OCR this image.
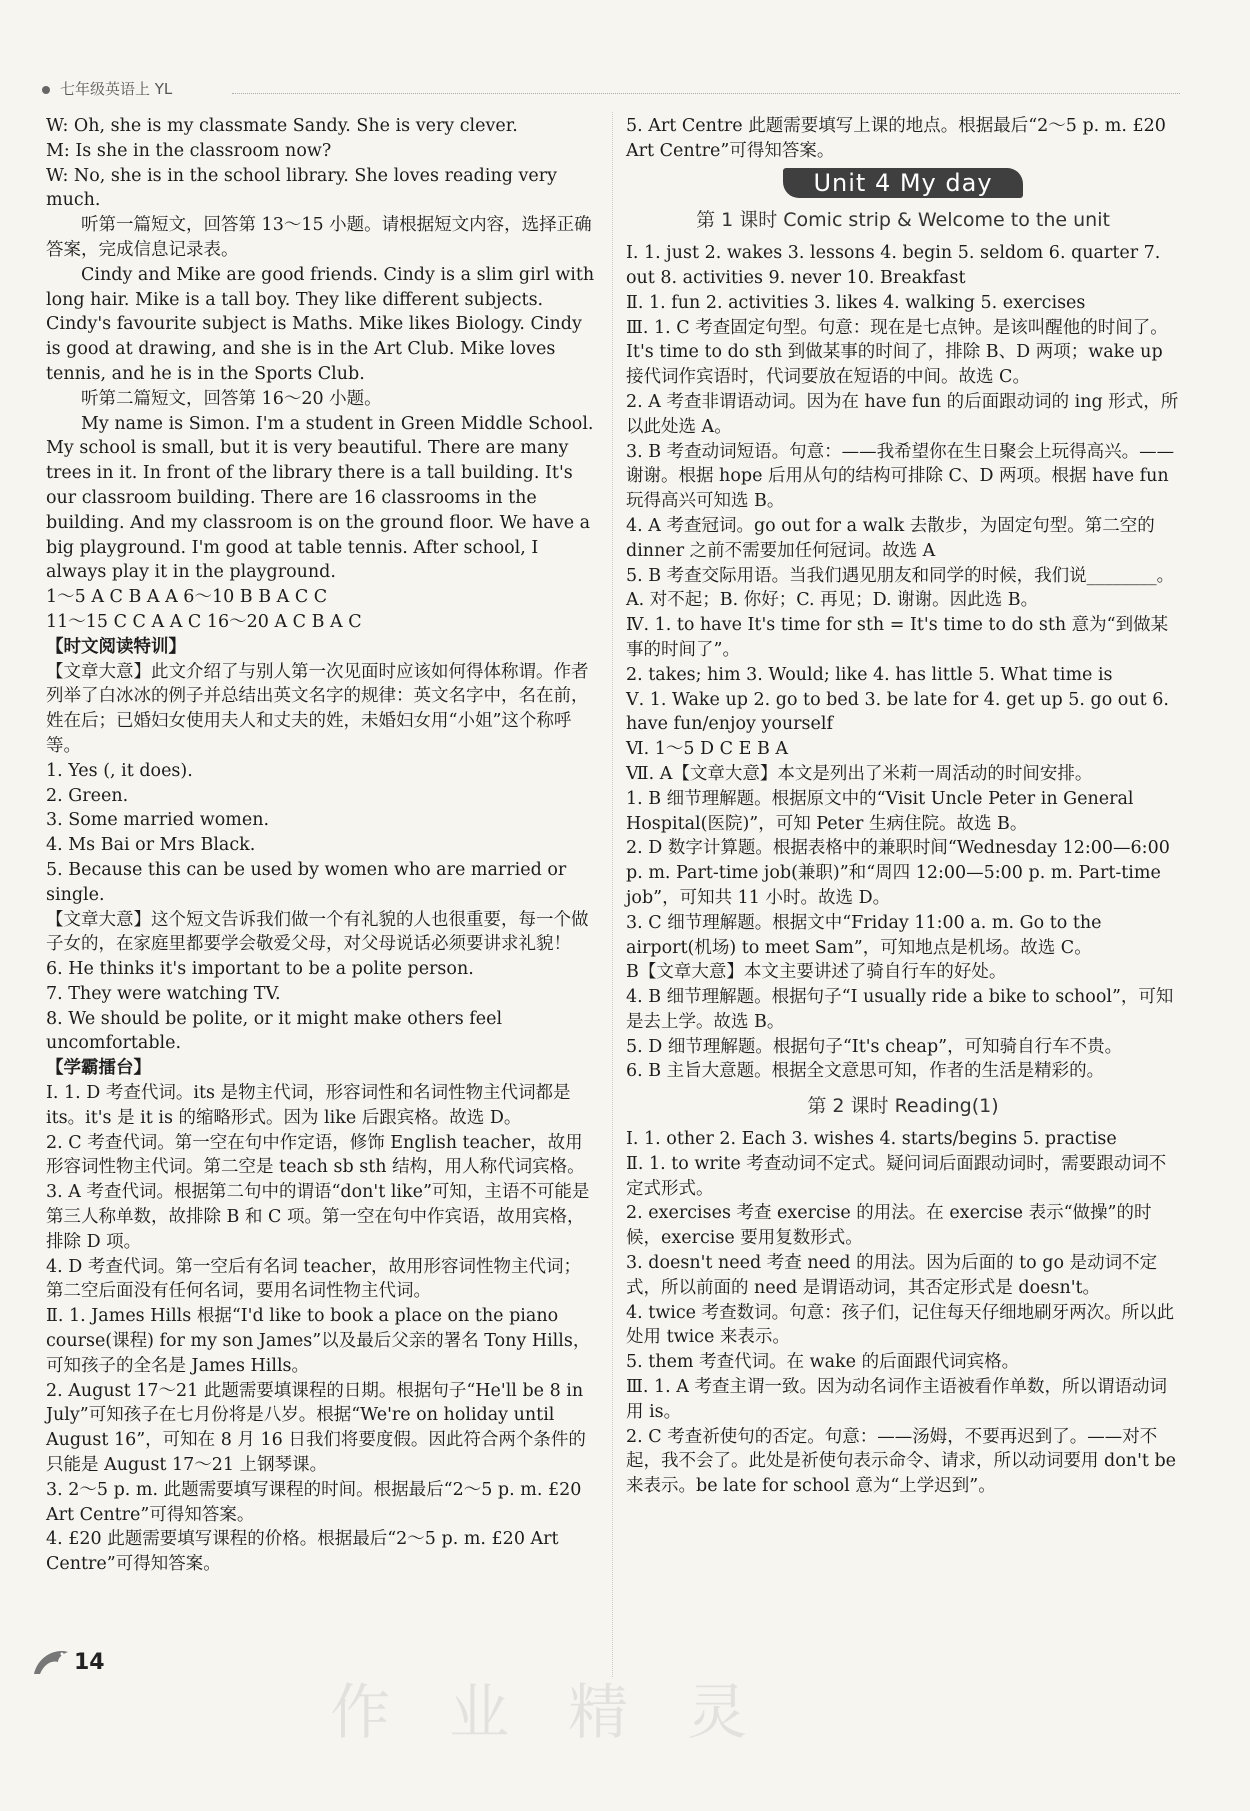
七年级英语上 YL

W: Oh, she is my classmate Sandy. She is very clever.

M: Is she in the classroom now?

W: No, she is in the school library. She loves reading very much.

听第一篇短文，回答第 13～15 小题。请根据短文内容，选择正确答案，完成信息记录表。

Cindy and Mike are good friends. Cindy is a slim girl with long hair. Mike is a tall boy. They like different subjects. Cindy's favourite subject is Maths. Mike likes Biology. Cindy is good at drawing, and she is in the Art Club. Mike loves tennis, and he is in the Sports Club.

听第二篇短文，回答第 16～20 小题。

My name is Simon. I'm a student in Green Middle School. My school is small, but it is very beautiful. There are many trees in it. In front of the library there is a tall building. It's our classroom building. There are 16 classrooms in the building. And my classroom is on the ground floor. We have a big playground. I'm good at table tennis. After school, I always play it in the playground.

1～5 A C B A A 6～10 B B A C C

11～15 C C A A C 16～20 A C B A C

【时文阅读特训】

【文章大意】此文介绍了与别人第一次见面时应该如何得体称谓。作者列举了白冰冰的例子并总结出英文名字的规律：英文名字中，名在前，姓在后；已婚妇女使用夫人和丈夫的姓，未婚妇女用“小姐”这个称呼等。

1. Yes (, it does).

2. Green.

3. Some married women.

4. Ms Bai or Mrs Black.

5. Because this can be used by women who are married or single.

【文章大意】这个短文告诉我们做一个有礼貌的人也很重要，每一个做子女的，在家庭里都要学会敬爱父母，对父母说话必须要讲求礼貌！

6. He thinks it's important to be a polite person.

7. They were watching TV.

8. We should be polite, or it might make others feel uncomfortable.

【学霸擂台】

Ⅰ. 1. D 考查代词。its 是物主代词，形容词性和名词性物主代词都是 its。it's 是 it is 的缩略形式。因为 like 后跟宾格。故选 D。

2. C 考查代词。第一空在句中作定语，修饰 English teacher，故用形容词性物主代词。第二空是 teach sb sth 结构，用人称代词宾格。

3. A 考查代词。根据第二句中的谓语“don't like”可知，主语不可能是第三人称单数，故排除 B 和 C 项。第一空在句中作宾语，故用宾格，排除 D 项。

4. D 考查代词。第一空后有名词 teacher，故用形容词性物主代词；第二空后面没有任何名词，要用名词性物主代词。

Ⅱ. 1. James Hills 根据“I'd like to book a place on the piano course(课程) for my son James”以及最后父亲的署名 Tony Hills，可知孩子的全名是 James Hills。

2. August 17～21 此题需要填课程的日期。根据句子“He'll be 8 in July”可知孩子在七月份将是八岁。根据“We're on holiday until August 16”，可知在 8 月 16 日我们将要度假。因此符合两个条件的只能是 August 17～21 上钢琴课。

3. 2～5 p. m. 此题需要填写课程的时间。根据最后“2～5 p. m. £20 Art Centre”可得知答案。

4. £20 此题需要填写课程的价格。根据最后“2～5 p. m. £20 Art Centre”可得知答案。

5. Art Centre 此题需要填写上课的地点。根据最后“2～5 p. m. £20 Art Centre”可得知答案。

Unit 4 My day
第 1 课时 Comic strip & Welcome to the unit

Ⅰ. 1. just 2. wakes 3. lessons 4. begin 5. seldom 6. quarter 7. out 8. activities 9. never 10. Breakfast

Ⅱ. 1. fun 2. activities 3. likes 4. walking 5. exercises

Ⅲ. 1. C 考查固定句型。句意：现在是七点钟。是该叫醒他的时间了。It's time to do sth 到做某事的时间了，排除 B、D 两项；wake up 接代词作宾语时，代词要放在短语的中间。故选 C。

2. A 考查非谓语动词。因为在 have fun 的后面跟动词的 ing 形式，所以此处选 A。

3. B 考查动词短语。句意：——我希望你在生日聚会上玩得高兴。——谢谢。根据 hope 后用从句的结构可排除 C、D 两项。根据 have fun 玩得高兴可知选 B。

4. A 考查冠词。go out for a walk 去散步，为固定句型。第二空的 dinner 之前不需要加任何冠词。故选 A

5. B 考查交际用语。当我们遇见朋友和同学的时候，我们说________。A. 对不起；B. 你好；C. 再见；D. 谢谢。因此选 B。

Ⅳ. 1. to have It's time for sth = It's time to do sth 意为“到做某事的时间了”。

2. takes; him 3. Would; like 4. has little 5. What time is

Ⅴ. 1. Wake up 2. go to bed 3. be late for 4. get up 5. go out 6. have fun/enjoy yourself

Ⅵ. 1～5 D C E B A

Ⅶ. A【文章大意】本文是列出了米莉一周活动的时间安排。

1. B 细节理解题。根据原文中的“Visit Uncle Peter in General Hospital(医院)”，可知 Peter 生病住院。故选 B。

2. D 数字计算题。根据表格中的兼职时间“Wednesday 12:00—6:00 p. m. Part-time job(兼职)”和“周四 12:00—5:00 p. m. Part-time job”，可知共 11 小时。故选 D。

3. C 细节理解题。根据文中“Friday 11:00 a. m. Go to the airport(机场) to meet Sam”，可知地点是机场。故选 C。

B【文章大意】本文主要讲述了骑自行车的好处。

4. B 细节理解题。根据句子“I usually ride a bike to school”，可知是去上学。故选 B。

5. D 细节理解题。根据句子“It's cheap”，可知骑自行车不贵。

6. B 主旨大意题。根据全文意思可知，作者的生活是精彩的。

第 2 课时 Reading(1)

Ⅰ. 1. other 2. Each 3. wishes 4. starts/begins 5. practise

Ⅱ. 1. to write 考查动词不定式。疑问词后面跟动词时，需要跟动词不定式形式。

2. exercises 考查 exercise 的用法。在 exercise 表示“做操”的时候，exercise 要用复数形式。

3. doesn't need 考查 need 的用法。因为后面的 to go 是动词不定式，所以前面的 need 是谓语动词，其否定形式是 doesn't。

4. twice 考查数词。句意：孩子们，记住每天仔细地刷牙两次。所以此处用 twice 来表示。

5. them 考查代词。在 wake 的后面跟代词宾格。

Ⅲ. 1. A 考查主谓一致。因为动名词作主语被看作单数，所以谓语动词用 is。

2. C 考查祈使句的否定。句意：——汤姆，不要再迟到了。——对不起，我不会了。此处是祈使句表示命令、请求，所以动词要用 don't be 来表示。be late for school 意为“上学迟到”。

作 业 精 灵
14
